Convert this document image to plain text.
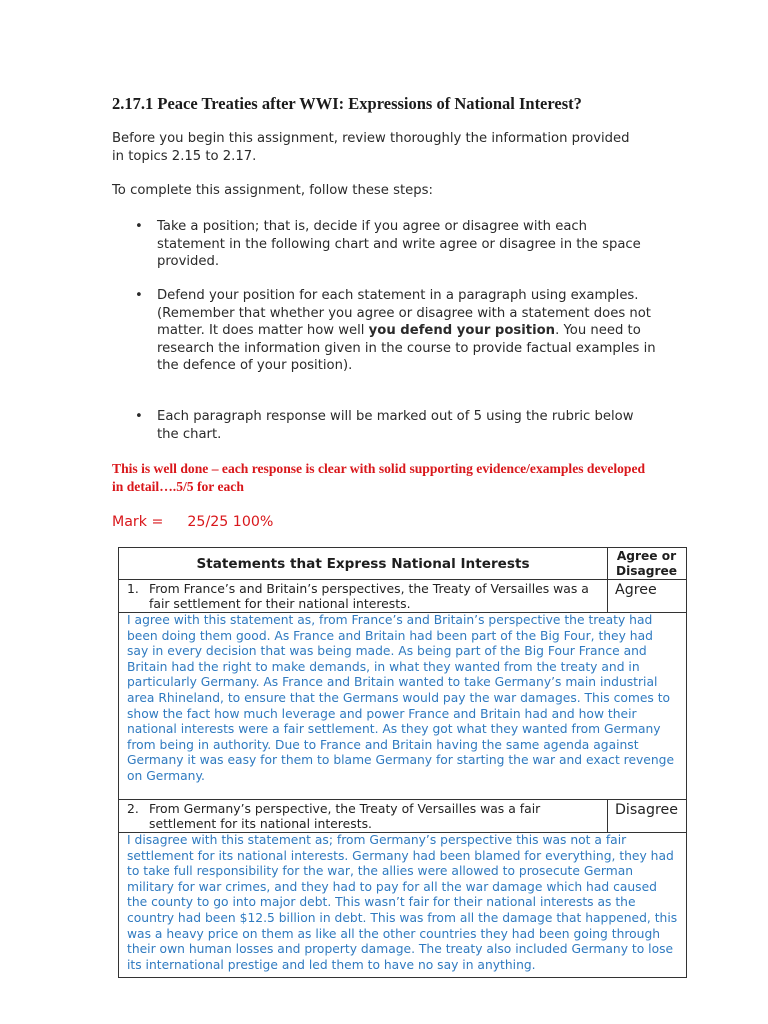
2.17.1 Peace Treaties after WWI: Expressions of National Interest?
Before you begin this assignment, review thoroughly the information provided in topics 2.15 to 2.17.
To complete this assignment, follow these steps:
• Take a position; that is, decide if you agree or disagree with each statement in the following chart and write agree or disagree in the space provided.
• Defend your position for each statement in a paragraph using examples. (Remember that whether you agree or disagree with a statement does not matter. It does matter how well you defend your position. You need to research the information given in the course to provide factual examples in the defence of your position).
• Each paragraph response will be marked out of 5 using the rubric below the chart.
This is well done – each response is clear with solid supporting evidence/examples developed in detail….5/5 for each
Mark = 25/25 100%
Statements that Express National Interests	Agree or Disagree
1. From France’s and Britain’s perspectives, the Treaty of Versailles was a fair settlement for their national interests.
Agree
I agree with this statement as, from France’s and Britain’s perspective the treaty had been doing them good. As France and Britain had been part of the Big Four, they had say in every decision that was being made. As being part of the Big Four France and Britain had the right to make demands, in what they wanted from the treaty and in particularly Germany. As France and Britain wanted to take Germany’s main industrial area Rhineland, to ensure that the Germans would pay the war damages. This comes to show the fact how much leverage and power France and Britain had and how their national interests were a fair settlement. As they got what they wanted from Germany from being in authority. Due to France and Britain having the same agenda against Germany it was easy for them to blame Germany for starting the war and exact revenge on Germany.
2. From Germany’s perspective, the Treaty of Versailles was a fair settlement for its national interests.
Disagree
I disagree with this statement as; from Germany’s perspective this was not a fair settlement for its national interests. Germany had been blamed for everything, they had to take full responsibility for the war, the allies were allowed to prosecute German military for war crimes, and they had to pay for all the war damage which had caused the county to go into major debt. This wasn’t fair for their national interests as the country had been $12.5 billion in debt. This was from all the damage that happened, this was a heavy price on them as like all the other countries they had been going through their own human losses and property damage. The treaty also included Germany to lose its international prestige and led them to have no say in anything.
